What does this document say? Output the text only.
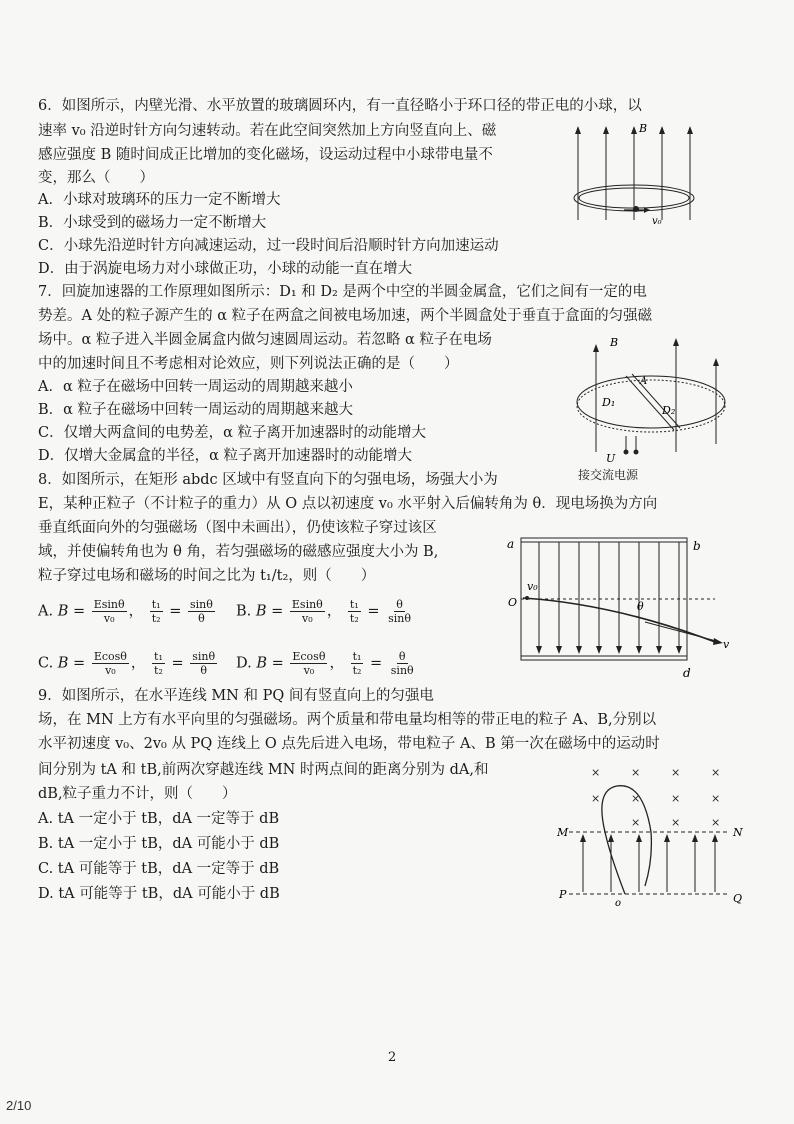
6．如图所示，内壁光滑、水平放置的玻璃圆环内，有一直径略小于环口径的带正电的小球，以
速率 v₀ 沿逆时针方向匀速转动。若在此空间突然加上方向竖直向上、磁
感应强度 B 随时间成正比增加的变化磁场，设运动过程中小球带电量不
变，那么（　　）
A．小球对玻璃环的压力一定不断增大
B．小球受到的磁场力一定不断增大
C．小球先沿逆时针方向减速运动，过一段时间后沿顺时针方向加速运动
D．由于涡旋电场力对小球做正功，小球的动能一直在增大
B
v₀
7．回旋加速器的工作原理如图所示：D₁ 和 D₂ 是两个中空的半圆金属盒，它们之间有一定的电
势差。A 处的粒子源产生的 α 粒子在两盒之间被电场加速，两个半圆盒处于垂直于盒面的匀强磁
场中。α 粒子进入半圆金属盒内做匀速圆周运动。若忽略 α 粒子在电场
中的加速时间且不考虑相对论效应，则下列说法正确的是（　　）
A．α 粒子在磁场中回转一周运动的周期越来越小
B．α 粒子在磁场中回转一周运动的周期越来越大
C．仅增大两盒间的电势差，α 粒子离开加速器时的动能增大
D．仅增大金属盒的半径，α 粒子离开加速器时的动能增大
B
A
D₁
D₂
U
接交流电源
8．如图所示，在矩形 abdc 区域中有竖直向下的匀强电场，场强大小为
E，某种正粒子（不计粒子的重力）从 O 点以初速度 v₀ 水平射入后偏转角为 θ．现电场换为方向
垂直纸面向外的匀强磁场（图中未画出），仍使该粒子穿过该区
域，并使偏转角也为 θ 角，若匀强磁场的磁感应强度大小为 B,
粒子穿过电场和磁场的时间之比为 t₁/t₂，则（　　）
A. $B = \frac{Esin\theta}{\text{v₀}}$ ， $\frac{\text{t₁}}{\text{t₂}} = \frac{\sin\theta}{\theta} B$. $B = \frac{Esin\theta}{\text{v₀}}$ ， $\frac{\text{t₁}}{\text{t₂}} = \frac{\theta}{\sin\theta}$
C. $B = \frac{Ecos\theta}{\text{v₀}}$ ， $\frac{\text{t₁}}{\text{t₂}} = \frac{\sin\theta}{\theta} D$. $B = \frac{Ecos\theta}{\text{v₀}}$ ， $\frac{\text{t₁}}{\text{t₂}} = \frac{\theta}{\sin\theta}$
a	b
O
v₀
θ
v
d
9．如图所示，在水平连线 MN 和 PQ 间有竖直向上的匀强电
场，在 MN 上方有水平向里的匀强磁场。两个质量和带电量均相等的带正电的粒子 A、B,分别以
水平初速度 v₀、2v₀ 从 PQ 连线上 O 点先后进入电场，带电粒子 A、B 第一次在磁场中的运动时
间分别为 tA 和 tB,前两次穿越连线 MN 时两点间的距离分别为 dA,和
dB,粒子重力不计，则（　　）
A. tA 一定小于 tB，dA 一定等于 dB
B. tA 一定小于 tB，dA 可能小于 dB
C. tA 可能等于 tB，dA 一定等于 dB
D. tA 可能等于 tB，dA 可能小于 dB
×	×	×	×
×	×	×	×
×	×	×
M	N
P	Q
o
2
2/10
